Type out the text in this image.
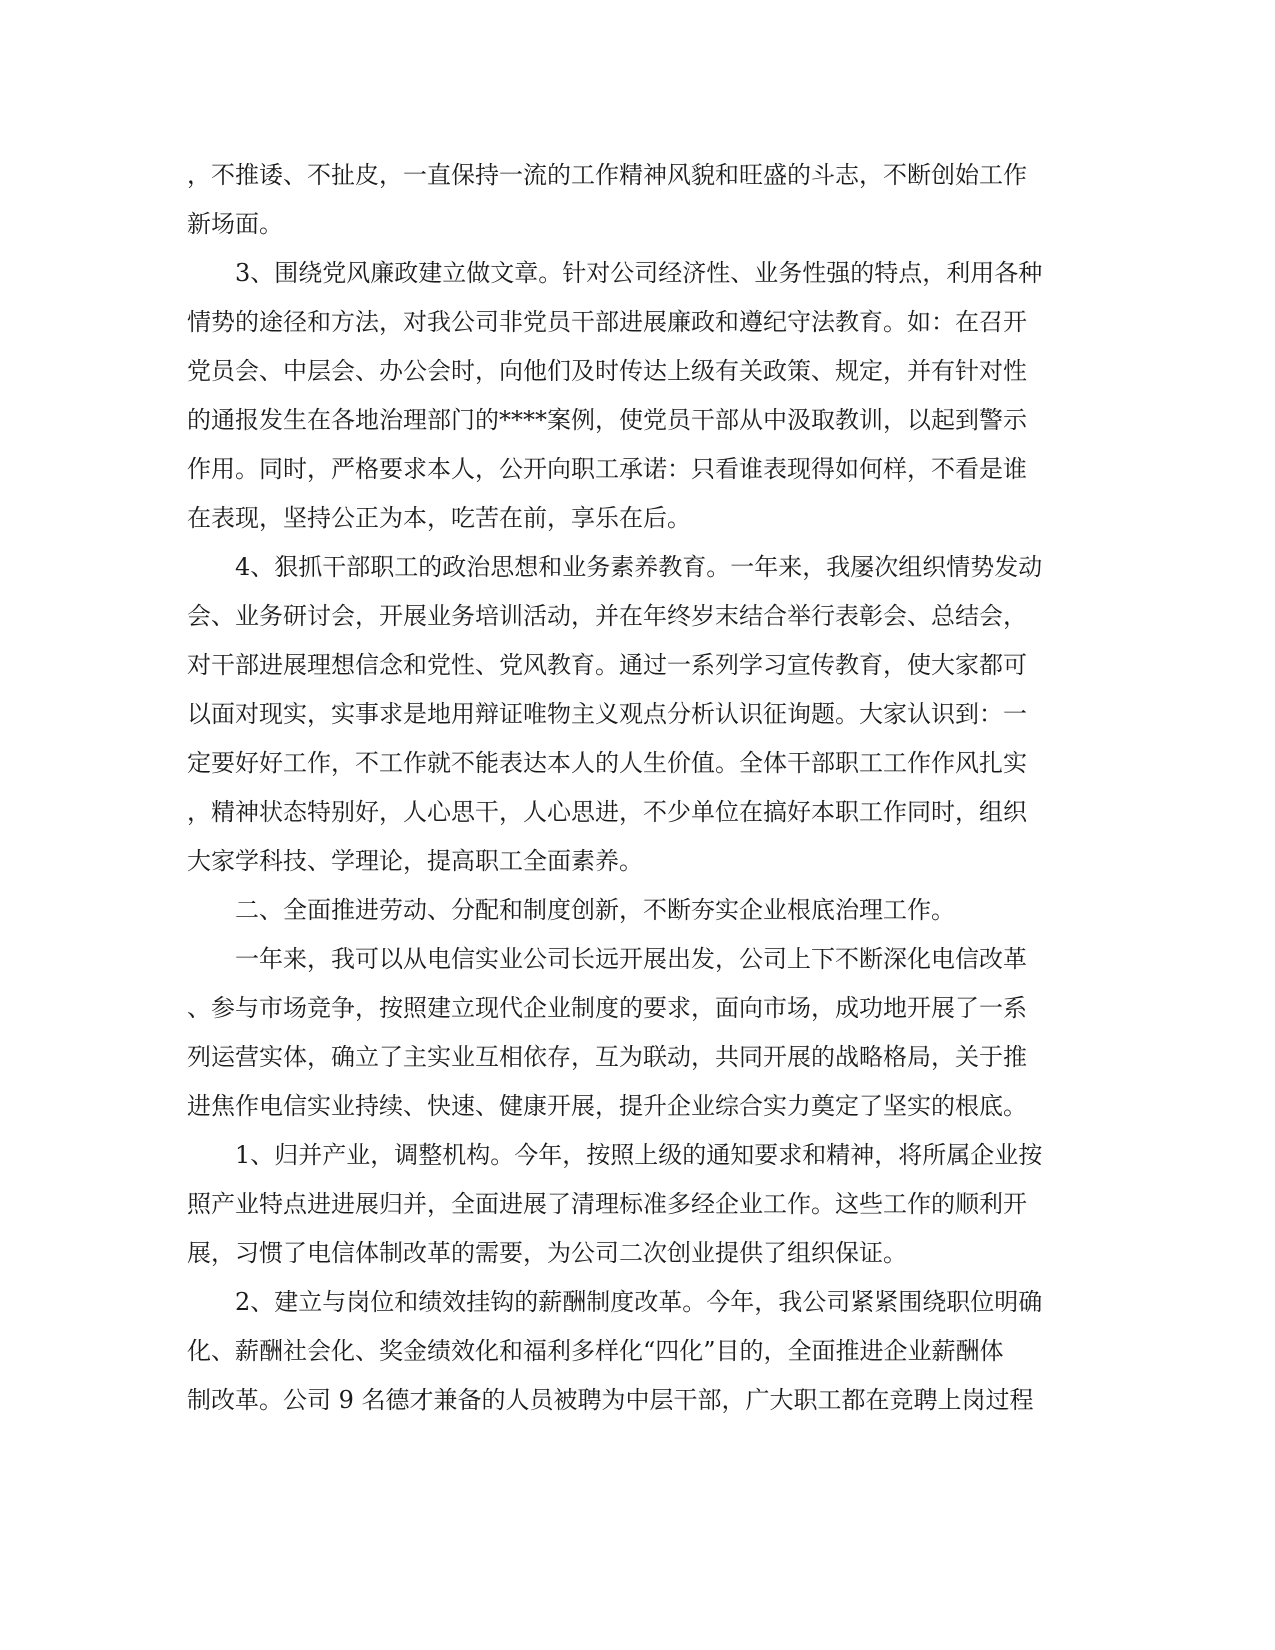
，不推诿、不扯皮，一直保持一流的工作精神风貌和旺盛的斗志，不断创始工作
新场面。
3、围绕党风廉政建立做文章。针对公司经济性、业务性强的特点，利用各种
情势的途径和方法，对我公司非党员干部进展廉政和遵纪守法教育。如：在召开
党员会、中层会、办公会时，向他们及时传达上级有关政策、规定，并有针对性
的通报发生在各地治理部门的****案例，使党员干部从中汲取教训，以起到警示
作用。同时，严格要求本人，公开向职工承诺：只看谁表现得如何样，不看是谁
在表现，坚持公正为本，吃苦在前，享乐在后。
4、狠抓干部职工的政治思想和业务素养教育。一年来，我屡次组织情势发动
会、业务研讨会，开展业务培训活动，并在年终岁末结合举行表彰会、总结会，
对干部进展理想信念和党性、党风教育。通过一系列学习宣传教育，使大家都可
以面对现实，实事求是地用辩证唯物主义观点分析认识征询题。大家认识到：一
定要好好工作，不工作就不能表达本人的人生价值。全体干部职工工作作风扎实
，精神状态特别好，人心思干，人心思进，不少单位在搞好本职工作同时，组织
大家学科技、学理论，提高职工全面素养。
二、全面推进劳动、分配和制度创新，不断夯实企业根底治理工作。
一年来，我可以从电信实业公司长远开展出发，公司上下不断深化电信改革
、参与市场竞争，按照建立现代企业制度的要求，面向市场，成功地开展了一系
列运营实体，确立了主实业互相依存，互为联动，共同开展的战略格局，关于推
进焦作电信实业持续、快速、健康开展，提升企业综合实力奠定了坚实的根底。
1、归并产业，调整机构。今年，按照上级的通知要求和精神，将所属企业按
照产业特点进进展归并，全面进展了清理标准多经企业工作。这些工作的顺利开
展，习惯了电信体制改革的需要，为公司二次创业提供了组织保证。
2、建立与岗位和绩效挂钩的薪酬制度改革。今年，我公司紧紧围绕职位明确
化、薪酬社会化、奖金绩效化和福利多样化“四化”目的，全面推进企业薪酬体
制改革。公司 9 名德才兼备的人员被聘为中层干部，广大职工都在竞聘上岗过程
